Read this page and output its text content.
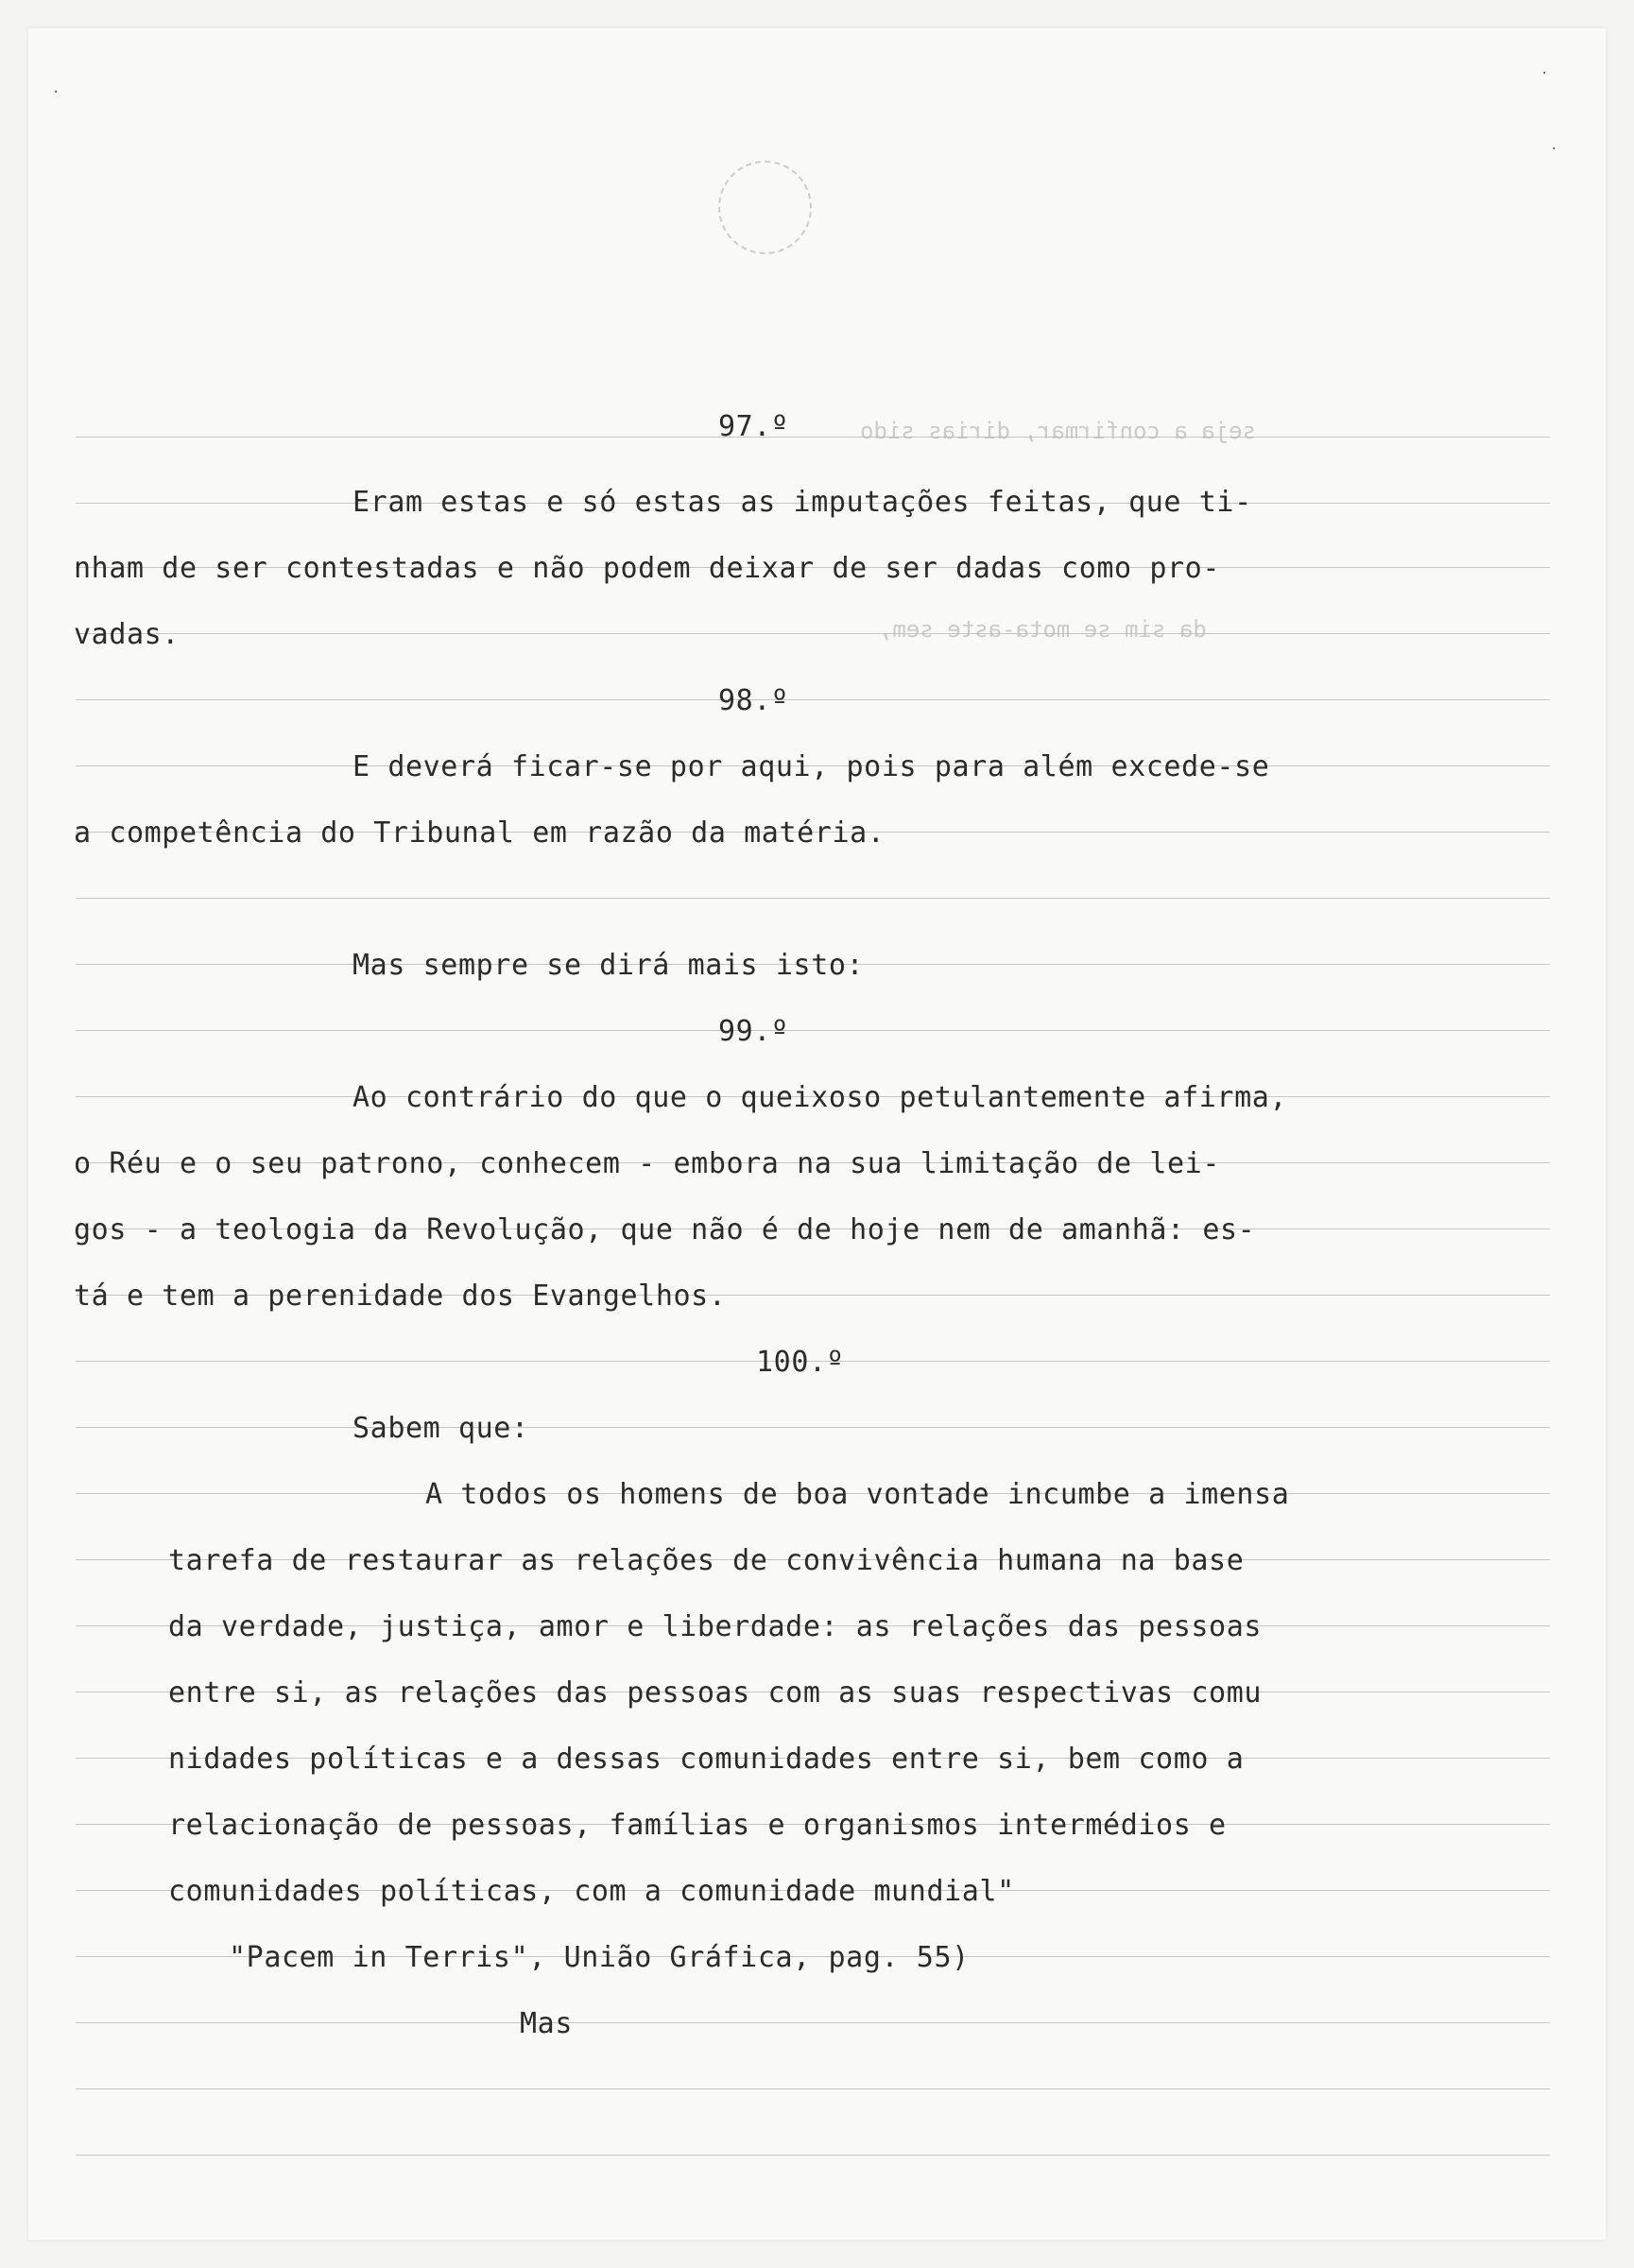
·
·
·
seja a confirmar, dirias sido
da sim se mota-aste sem,
97.º
Eram estas e só estas as imputações feitas, que ti-
nham de ser contestadas e não podem deixar de ser dadas como pro-
vadas.
98.º
E deverá ficar-se por aqui, pois para além excede-se
a competência do Tribunal em razão da matéria.
Mas sempre se dirá mais isto:
99.º
Ao contrário do que o queixoso petulantemente afirma,
o Réu e o seu patrono, conhecem - embora na sua limitação de lei-
gos - a teologia da Revolução, que não é de hoje nem de amanhã: es-
tá e tem a perenidade dos Evangelhos.
100.º
Sabem que:
A todos os homens de boa vontade incumbe a imensa
tarefa de restaurar as relações de convivência humana na base
da verdade, justiça, amor e liberdade: as relações das pessoas
entre si, as relações das pessoas com as suas respectivas comu
nidades políticas e a dessas comunidades entre si, bem como a
relacionação de pessoas, famílias e organismos intermédios e
comunidades políticas, com a comunidade mundial"
"Pacem in Terris", União Gráfica, pag. 55)
Mas
